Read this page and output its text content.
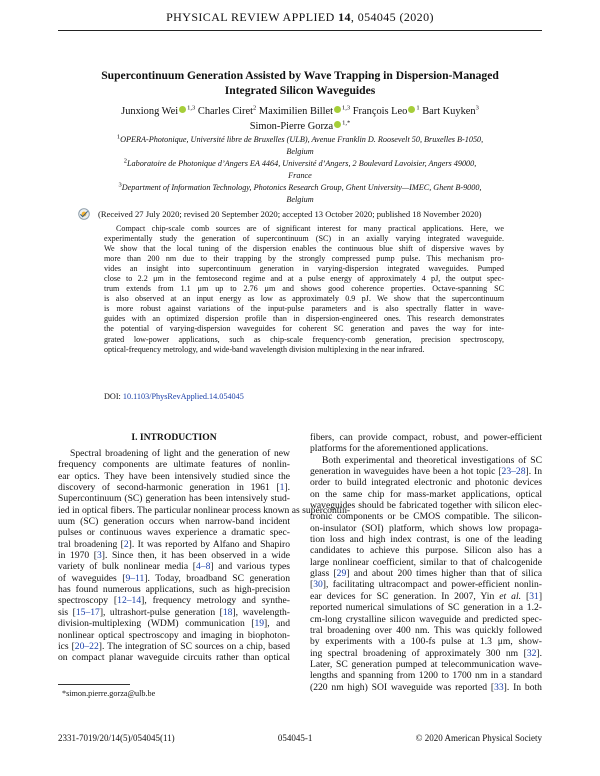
PHYSICAL REVIEW APPLIED 14, 054045 (2020)
Supercontinuum Generation Assisted by Wave Trapping in Dispersion-Managed
Integrated Silicon Waveguides
Junxiong Wei $^{1,3}$ Charles Ciret$^2$ Maximilien Billet $^{1,3}$ François Leo $^1$ Bart Kuyken$^3$
Simon-Pierre Gorza $^{1,*}$
$^1$OPERA-Photonique, Université libre de Bruxelles (ULB), Avenue Franklin D. Roosevelt 50, Bruxelles B-1050,
Belgium
$^2$Laboratoire de Photonique d’Angers EA 4464, Université d’Angers, 2 Boulevard Lavoisier, Angers 49000,
France
$^3$Department of Information Technology, Photonics Research Group, Ghent University—IMEC, Ghent B-9000,
Belgium
(Received 27 July 2020; revised 20 September 2020; accepted 13 October 2020; published 18 November 2020)
Compact chip-scale comb sources are of significant interest for many practical applications. Here, we
experimentally study the generation of supercontinuum (SC) in an axially varying integrated waveguide.
We show that the local tuning of the dispersion enables the continuous blue shift of dispersive waves by
more than 200 nm due to their trapping by the strongly compressed pump pulse. This mechanism pro-
vides an insight into supercontinuum generation in varying-dispersion integrated waveguides. Pumped
close to 2.2 μm in the femtosecond regime and at a pulse energy of approximately 4 pJ, the output spec-
trum extends from 1.1 μm up to 2.76 μm and shows good coherence properties. Octave-spanning SC
is also observed at an input energy as low as approximately 0.9 pJ. We show that the supercontinuum
is more robust against variations of the input-pulse parameters and is also spectrally flatter in wave-
guides with an optimized dispersion profile than in dispersion-engineered ones. This research demonstrates
the potential of varying-dispersion waveguides for coherent SC generation and paves the way for inte-
grated low-power applications, such as chip-scale frequency-comb generation, precision spectroscopy,
optical-frequency metrology, and wide-band wavelength division multiplexing in the near infrared.
DOI: 10.1103/PhysRevApplied.14.054045
I. INTRODUCTION
Spectral broadening of light and the generation of new
frequency components are ultimate features of nonlin-
ear optics. They have been intensively studied since the
discovery of second-harmonic generation in 1961 [1].
Supercontinuum (SC) generation has been intensively stud-
ied in optical fibers. The particular nonlinear process known as supercontin-
uum (SC) generation occurs when narrow-band incident
pulses or continuous waves experience a dramatic spec-
tral broadening [2]. It was reported by Alfano and Shapiro
in 1970 [3]. Since then, it has been observed in a wide
variety of bulk nonlinear media [4–8] and various types
of waveguides [9–11]. Today, broadband SC generation
has found numerous applications, such as high-precision
spectroscopy [12–14], frequency metrology and synthe-
sis [15–17], ultrashort-pulse generation [18], wavelength-
division-multiplexing (WDM) communication [19], and
nonlinear optical spectroscopy and imaging in biophoton-
ics [20–22]. The integration of SC sources on a chip, based
on compact planar waveguide circuits rather than optical
fibers, can provide compact, robust, and power-efficient
platforms for the aforementioned applications.
Both experimental and theoretical investigations of SC
generation in waveguides have been a hot topic [23–28]. In
order to build integrated electronic and photonic devices
on the same chip for mass-market applications, optical
waveguides should be fabricated together with silicon elec-
tronic components or be CMOS compatible. The silicon-
on-insulator (SOI) platform, which shows low propaga-
tion loss and high index contrast, is one of the leading
candidates to achieve this purpose. Silicon also has a
large nonlinear coefficient, similar to that of chalcogenide
glass [29] and about 200 times higher than that of silica
[30], facilitating ultracompact and power-efficient nonlin-
ear devices for SC generation. In 2007, Yin et al. [31]
reported numerical simulations of SC generation in a 1.2-
cm-long crystalline silicon waveguide and predicted spec-
tral broadening over 400 nm. This was quickly followed
by experiments with a 100-fs pulse at 1.3 μm, show-
ing spectral broadening of approximately 300 nm [32].
Later, SC generation pumped at telecommunication wave-
lengths and spanning from 1200 to 1700 nm in a standard
(220 nm high) SOI waveguide was reported [33]. In both
*simon.pierre.gorza@ulb.be
2331-7019/20/14(5)/054045(11)	054045-1	© 2020 American Physical Society
